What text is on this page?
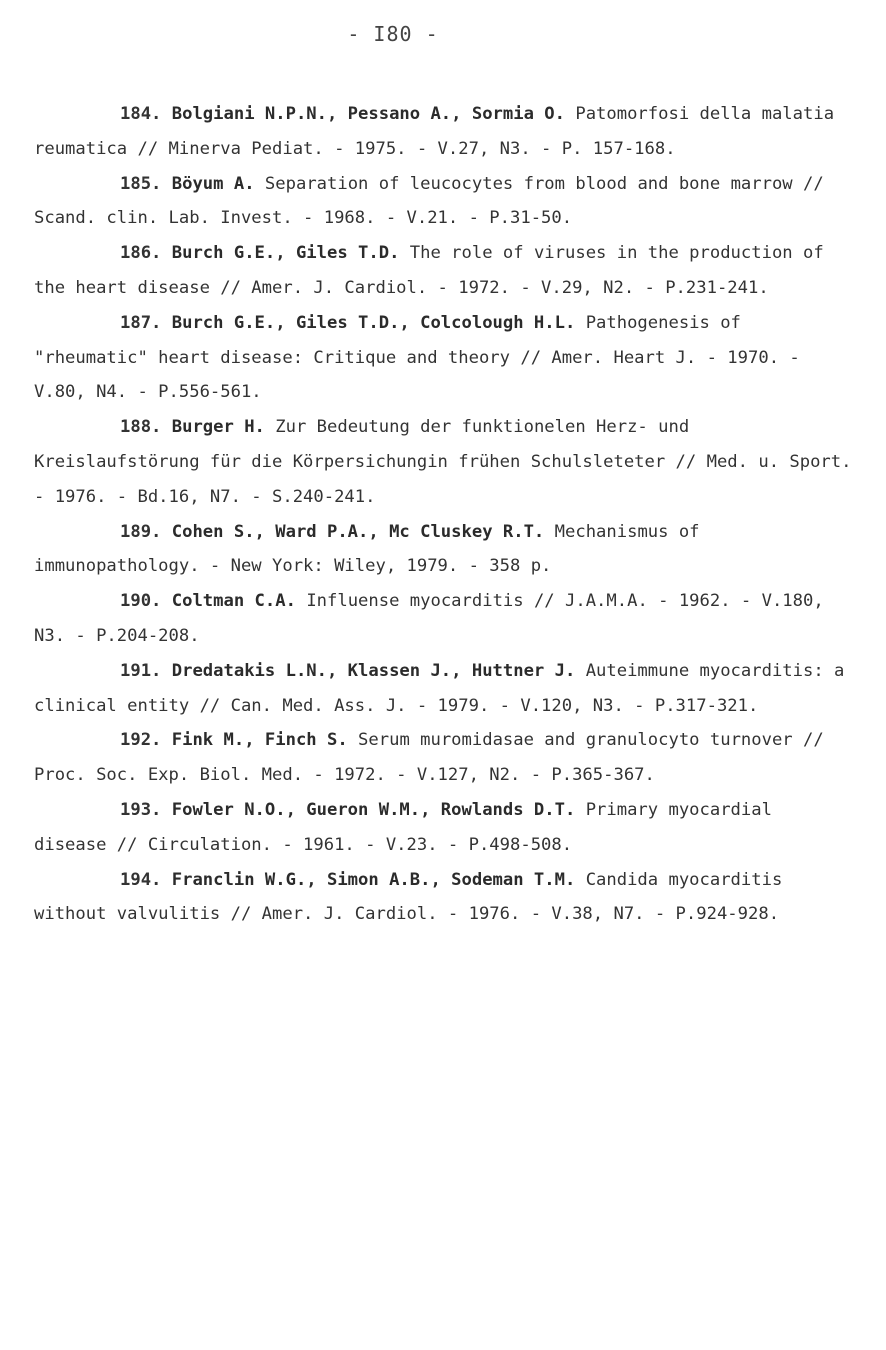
- I80 -

184. Bolgiani N.P.N., Pessano A., Sormia O. Patomorfosi della malatia reumatica // Minerva Pediat. - 1975. - V.27, N3. - P. 157-168.

185. Böyum A. Separation of leucocytes from blood and bone marrow // Scand. clin. Lab. Invest. - 1968. - V.21. - P.31-50.

186. Burch G.E., Giles T.D. The role of viruses in the production of the heart disease // Amer. J. Cardiol. - 1972. - V.29, N2. - P.231-241.

187. Burch G.E., Giles T.D., Colcolough H.L. Pathogenesis of "rheumatic" heart disease: Critique and theory // Amer. Heart J. - 1970. - V.80, N4. - P.556-561.

188. Burger H. Zur Bedeutung der funktionelen Herz- und Kreislaufstörung für die Körpersichungin frühen Schulsleteter // Med. u. Sport. - 1976. - Bd.16, N7. - S.240-241.

189. Cohen S., Ward P.A., Mc Cluskey R.T. Mechanismus of immunopathology. - New York: Wiley, 1979. - 358 p.

190. Coltman C.A. Influense myocarditis // J.A.M.A. - 1962. - V.180, N3. - P.204-208.

191. Dredatakis L.N., Klassen J., Huttner J. Auteimmune myocarditis: a clinical entity // Can. Med. Ass. J. - 1979. - V.120, N3. - P.317-321.

192. Fink M., Finch S. Serum muromidasae and granulocyto turnover // Proc. Soc. Exp. Biol. Med. - 1972. - V.127, N2. - P.365-367.

193. Fowler N.O., Gueron W.M., Rowlands D.T. Primary myocardial disease // Circulation. - 1961. - V.23. - P.498-508.

194. Franclin W.G., Simon A.B., Sodeman T.M. Candida myocarditis without valvulitis // Amer. J. Cardiol. - 1976. - V.38, N7. - P.924-928.
